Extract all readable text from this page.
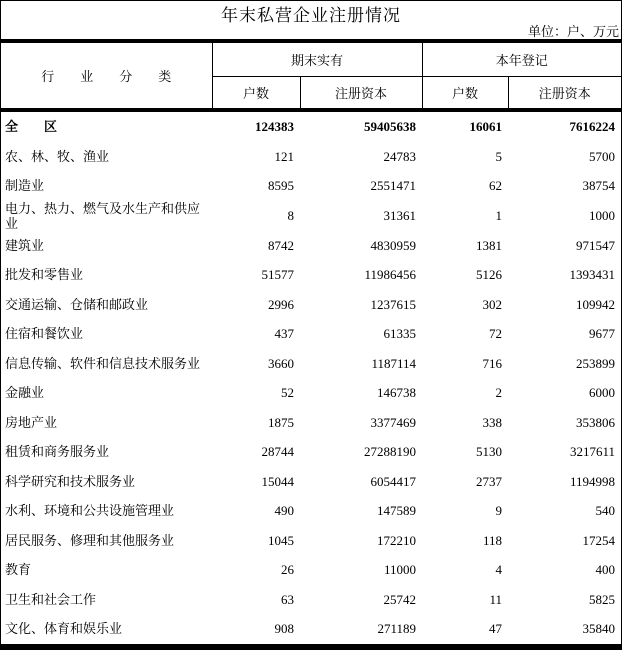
年末私营企业注册情况
单位：户、万元
行　　业　　分　　类	期末实有		本年登记	
	户数	注册资本	户数	注册资本
全　　区	124383	59405638	16061	7616224
农、林、牧、渔业	121	24783	5	5700
制造业	8595	2551471	62	38754
电力、热力、燃气及水生产和供应业	8	31361	1	1000
建筑业	8742	4830959	1381	971547
批发和零售业	51577	11986456	5126	1393431
交通运输、仓储和邮政业	2996	1237615	302	109942
住宿和餐饮业	437	61335	72	9677
信息传输、软件和信息技术服务业	3660	1187114	716	253899
金融业	52	146738	2	6000
房地产业	1875	3377469	338	353806
租赁和商务服务业	28744	27288190	5130	3217611
科学研究和技术服务业	15044	6054417	2737	1194998
水利、环境和公共设施管理业	490	147589	9	540
居民服务、修理和其他服务业	1045	172210	118	17254
教育	26	11000	4	400
卫生和社会工作	63	25742	11	5825
文化、体育和娱乐业	908	271189	47	35840
